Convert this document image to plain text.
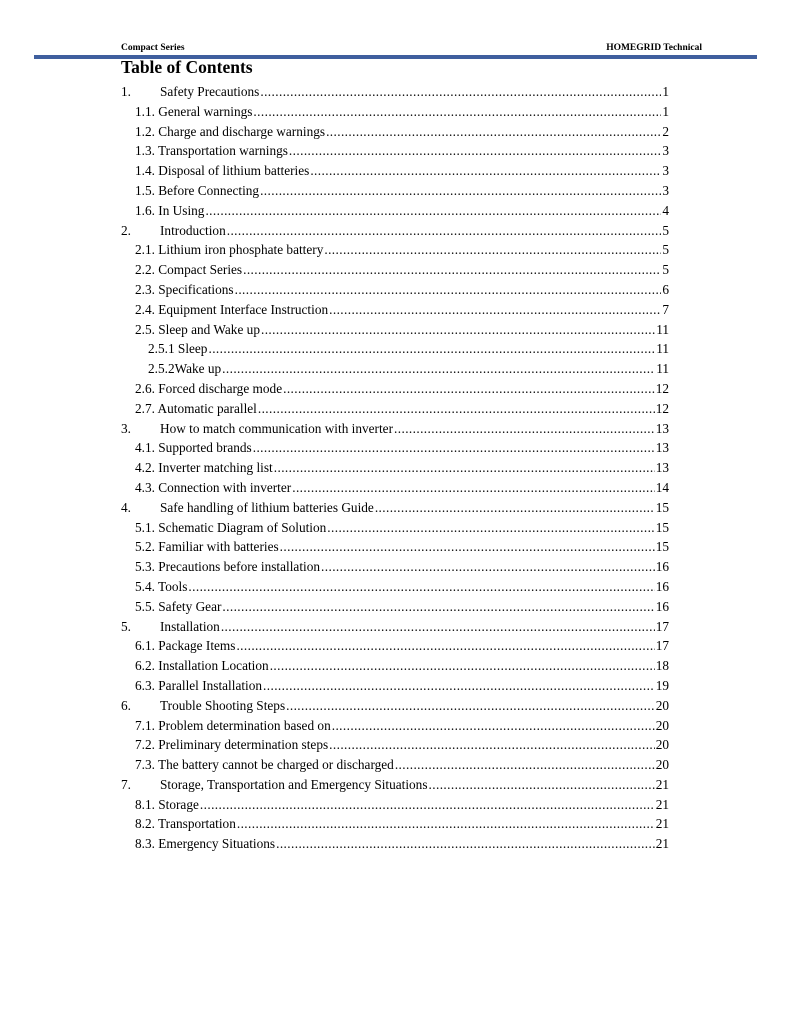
Compact Series	HOMEGRID Technical
Table of Contents
1.	Safety Precautions .....	1
1.1. General warnings .....	1
1.2. Charge and discharge warnings .....	2
1.3. Transportation warnings .....	3
1.4. Disposal of lithium batteries .....	3
1.5. Before Connecting .....	3
1.6. In Using .....	4
2.	Introduction .....	5
2.1. Lithium iron phosphate battery .....	5
2.2. Compact Series .....	5
2.3. Specifications .....	6
2.4. Equipment Interface Instruction .....	7
2.5. Sleep and Wake up .....	11
2.5.1 Sleep .....	11
2.5.2Wake up .....	11
2.6. Forced discharge mode .....	12
2.7. Automatic parallel .....	12
3.	How to match communication with inverter .....	13
4.1. Supported brands .....	13
4.2. Inverter matching list .....	13
4.3. Connection with inverter .....	14
4.	Safe handling of lithium batteries Guide .....	15
5.1. Schematic Diagram of Solution .....	15
5.2. Familiar with batteries .....	15
5.3. Precautions before installation .....	16
5.4. Tools .....	16
5.5. Safety Gear .....	16
5.	Installation .....	17
6.1. Package Items .....	17
6.2. Installation Location .....	18
6.3. Parallel Installation .....	19
6.	Trouble Shooting Steps .....	20
7.1. Problem determination based on .....	20
7.2. Preliminary determination steps .....	20
7.3. The battery cannot be charged or discharged .....	20
7.	Storage, Transportation and Emergency Situations .....	21
8.1. Storage .....	21
8.2. Transportation .....	21
8.3. Emergency Situations .....	21
